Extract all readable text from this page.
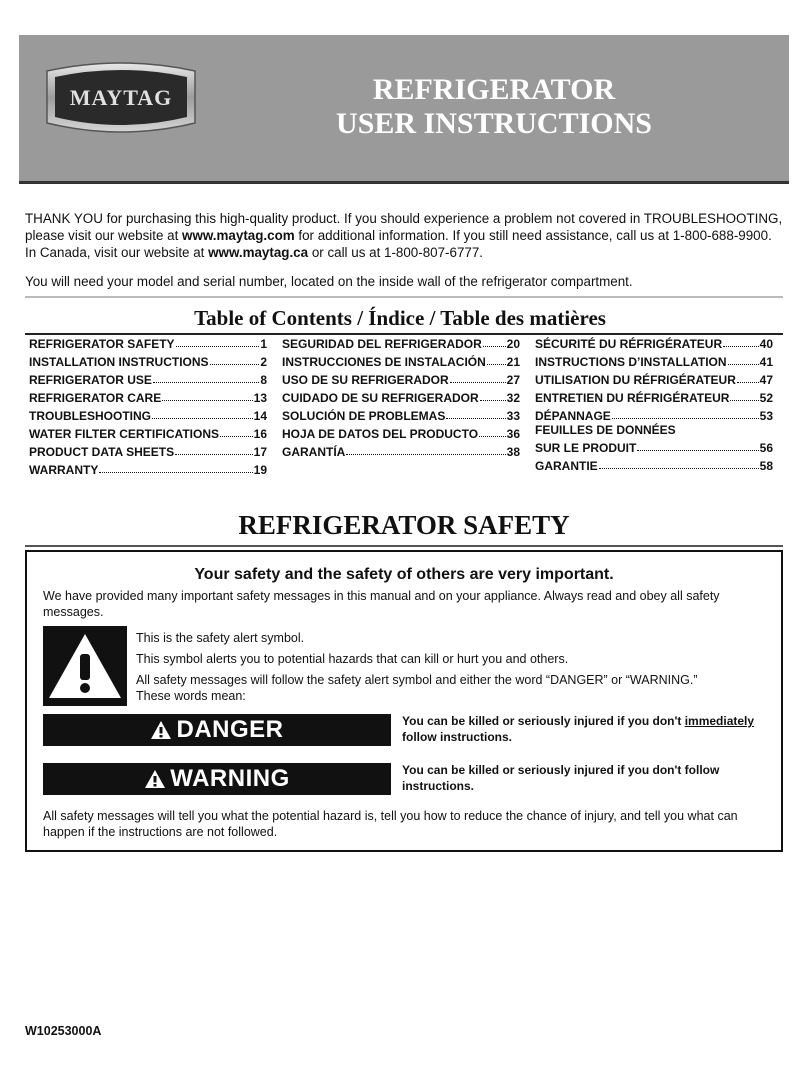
MAYTAG	REFRIGERATOR
USER INSTRUCTIONS

THANK YOU for purchasing this high-quality product. If you should experience a problem not covered in TROUBLESHOOTING, please visit our website at www.maytag.com for additional information. If you still need assistance, call us at 1-800-688-9900. In Canada, visit our website at www.maytag.ca or call us at 1-800-807-6777.

You will need your model and serial number, located on the inside wall of the refrigerator compartment.

Table of Contents / Índice / Table des matières
REFRIGERATOR SAFETY	1
INSTALLATION INSTRUCTIONS	2
REFRIGERATOR USE	8
REFRIGERATOR CARE	13
TROUBLESHOOTING	14
WATER FILTER CERTIFICATIONS	16
PRODUCT DATA SHEETS	17
WARRANTY	19
SEGURIDAD DEL REFRIGERADOR 20
INSTRUCCIONES DE INSTALACIÓN 21
USO DE SU REFRIGERADOR	27
CUIDADO DE SU REFRIGERADOR 32
SOLUCIÓN DE PROBLEMAS	33
HOJA DE DATOS DEL PRODUCTO 36
GARANTÍA	38
SÉCURITÉ DU RÉFRIGÉRATEUR	40
INSTRUCTIONS D’INSTALLATION	41
UTILISATION DU RÉFRIGÉRATEUR 47
ENTRETIEN DU RÉFRIGÉRATEUR	52
DÉPANNAGE	53
FEUILLES DE DONNÉES
SUR LE PRODUIT	56
GARANTIE	58
REFRIGERATOR SAFETY
Your safety and the safety of others are very important.
We have provided many important safety messages in this manual and on your appliance. Always read and obey all safety messages.

This is the safety alert symbol.

This symbol alerts you to potential hazards that can kill or hurt you and others.

All safety messages will follow the safety alert symbol and either the word “DANGER” or “WARNING.”

These words mean:

DANGER	You can be killed or seriously injured if you don't immediately follow instructions.
WARNING	You can be killed or seriously injured if you don't follow instructions.
All safety messages will tell you what the potential hazard is, tell you how to reduce the chance of injury, and tell you what can happen if the instructions are not followed.
W10253000A
